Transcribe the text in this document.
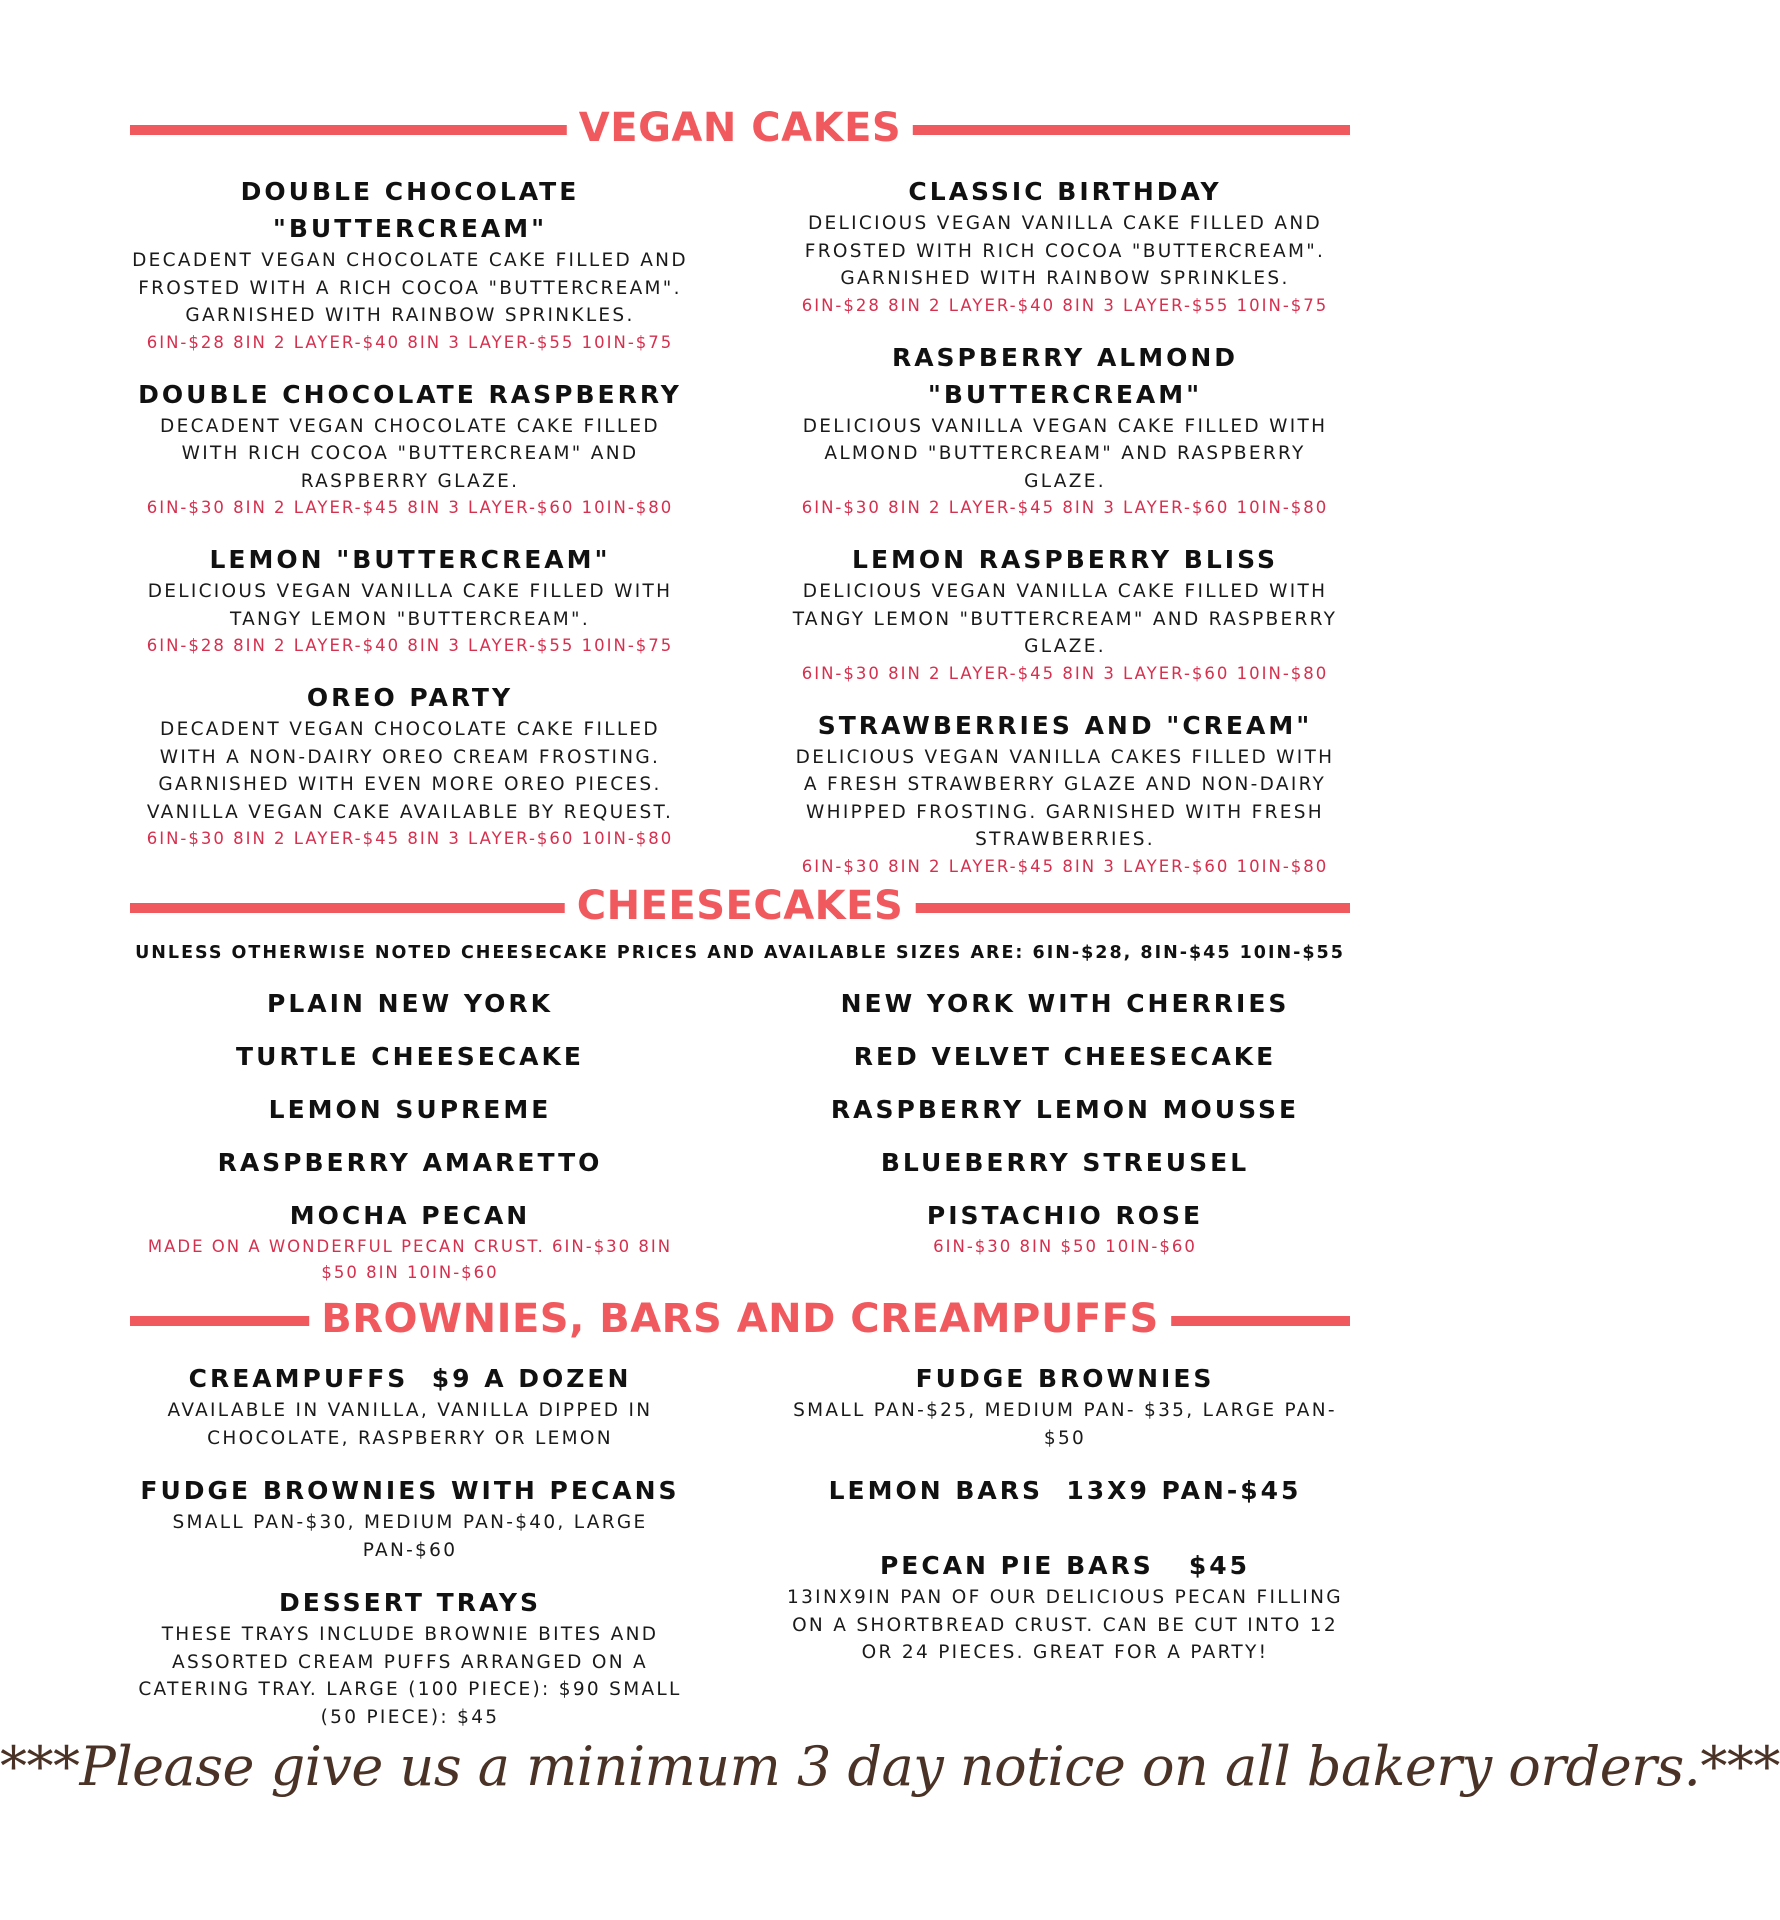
VEGAN CAKES

DOUBLE CHOCOLATE "BUTTERCREAM"

DECADENT VEGAN CHOCOLATE CAKE FILLED AND FROSTED WITH A RICH COCOA "BUTTERCREAM". GARNISHED WITH RAINBOW SPRINKLES.

6IN-$28 8IN 2 LAYER-$40 8IN 3 LAYER-$55 10IN-$75

DOUBLE CHOCOLATE RASPBERRY

DECADENT VEGAN CHOCOLATE CAKE FILLED WITH RICH COCOA "BUTTERCREAM" AND RASPBERRY GLAZE.

6IN-$30 8IN 2 LAYER-$45 8IN 3 LAYER-$60 10IN-$80

LEMON "BUTTERCREAM"

DELICIOUS VEGAN VANILLA CAKE FILLED WITH TANGY LEMON "BUTTERCREAM".

6IN-$28 8IN 2 LAYER-$40 8IN 3 LAYER-$55 10IN-$75

OREO PARTY

DECADENT VEGAN CHOCOLATE CAKE FILLED WITH A NON-DAIRY OREO CREAM FROSTING. GARNISHED WITH EVEN MORE OREO PIECES. VANILLA VEGAN CAKE AVAILABLE BY REQUEST.

6IN-$30 8IN 2 LAYER-$45 8IN 3 LAYER-$60 10IN-$80

CLASSIC BIRTHDAY

DELICIOUS VEGAN VANILLA CAKE FILLED AND FROSTED WITH RICH COCOA "BUTTERCREAM". GARNISHED WITH RAINBOW SPRINKLES.

6IN-$28 8IN 2 LAYER-$40 8IN 3 LAYER-$55 10IN-$75

RASPBERRY ALMOND "BUTTERCREAM"

DELICIOUS VANILLA VEGAN CAKE FILLED WITH ALMOND "BUTTERCREAM" AND RASPBERRY GLAZE.

6IN-$30 8IN 2 LAYER-$45 8IN 3 LAYER-$60 10IN-$80

LEMON RASPBERRY BLISS

DELICIOUS VEGAN VANILLA CAKE FILLED WITH TANGY LEMON "BUTTERCREAM" AND RASPBERRY GLAZE.

6IN-$30 8IN 2 LAYER-$45 8IN 3 LAYER-$60 10IN-$80

STRAWBERRIES AND "CREAM"

DELICIOUS VEGAN VANILLA CAKES FILLED WITH A FRESH STRAWBERRY GLAZE AND NON-DAIRY WHIPPED FROSTING. GARNISHED WITH FRESH STRAWBERRIES.

6IN-$30 8IN 2 LAYER-$45 8IN 3 LAYER-$60 10IN-$80

CHEESECAKES
UNLESS OTHERWISE NOTED CHEESECAKE PRICES AND AVAILABLE SIZES ARE: 6IN-$28, 8IN-$45 10IN-$55

PLAIN NEW YORK

TURTLE CHEESECAKE

LEMON SUPREME

RASPBERRY AMARETTO

MOCHA PECAN

MADE ON A WONDERFUL PECAN CRUST. 6IN-$30 8IN $50 8IN 10IN-$60

NEW YORK WITH CHERRIES

RED VELVET CHEESECAKE

RASPBERRY LEMON MOUSSE

BLUEBERRY STREUSEL

PISTACHIO ROSE

6IN-$30 8IN $50 10IN-$60

BROWNIES, BARS AND CREAMPUFFS

CREAMPUFFS  $9 A DOZEN

AVAILABLE IN VANILLA, VANILLA DIPPED IN CHOCOLATE, RASPBERRY OR LEMON

FUDGE BROWNIES WITH PECANS

SMALL PAN-$30, MEDIUM PAN-$40, LARGE PAN-$60

DESSERT TRAYS

THESE TRAYS INCLUDE BROWNIE BITES AND ASSORTED CREAM PUFFS ARRANGED ON A CATERING TRAY. LARGE (100 PIECE): $90 SMALL (50 PIECE): $45

FUDGE BROWNIES

SMALL PAN-$25, MEDIUM PAN- $35, LARGE PAN- $50

LEMON BARS  13X9 PAN-$45

PECAN PIE BARS   $45

13INX9IN PAN OF OUR DELICIOUS PECAN FILLING ON A SHORTBREAD CRUST. CAN BE CUT INTO 12 OR 24 PIECES. GREAT FOR A PARTY!

***Please give us a minimum 3 day notice on all bakery orders.***
